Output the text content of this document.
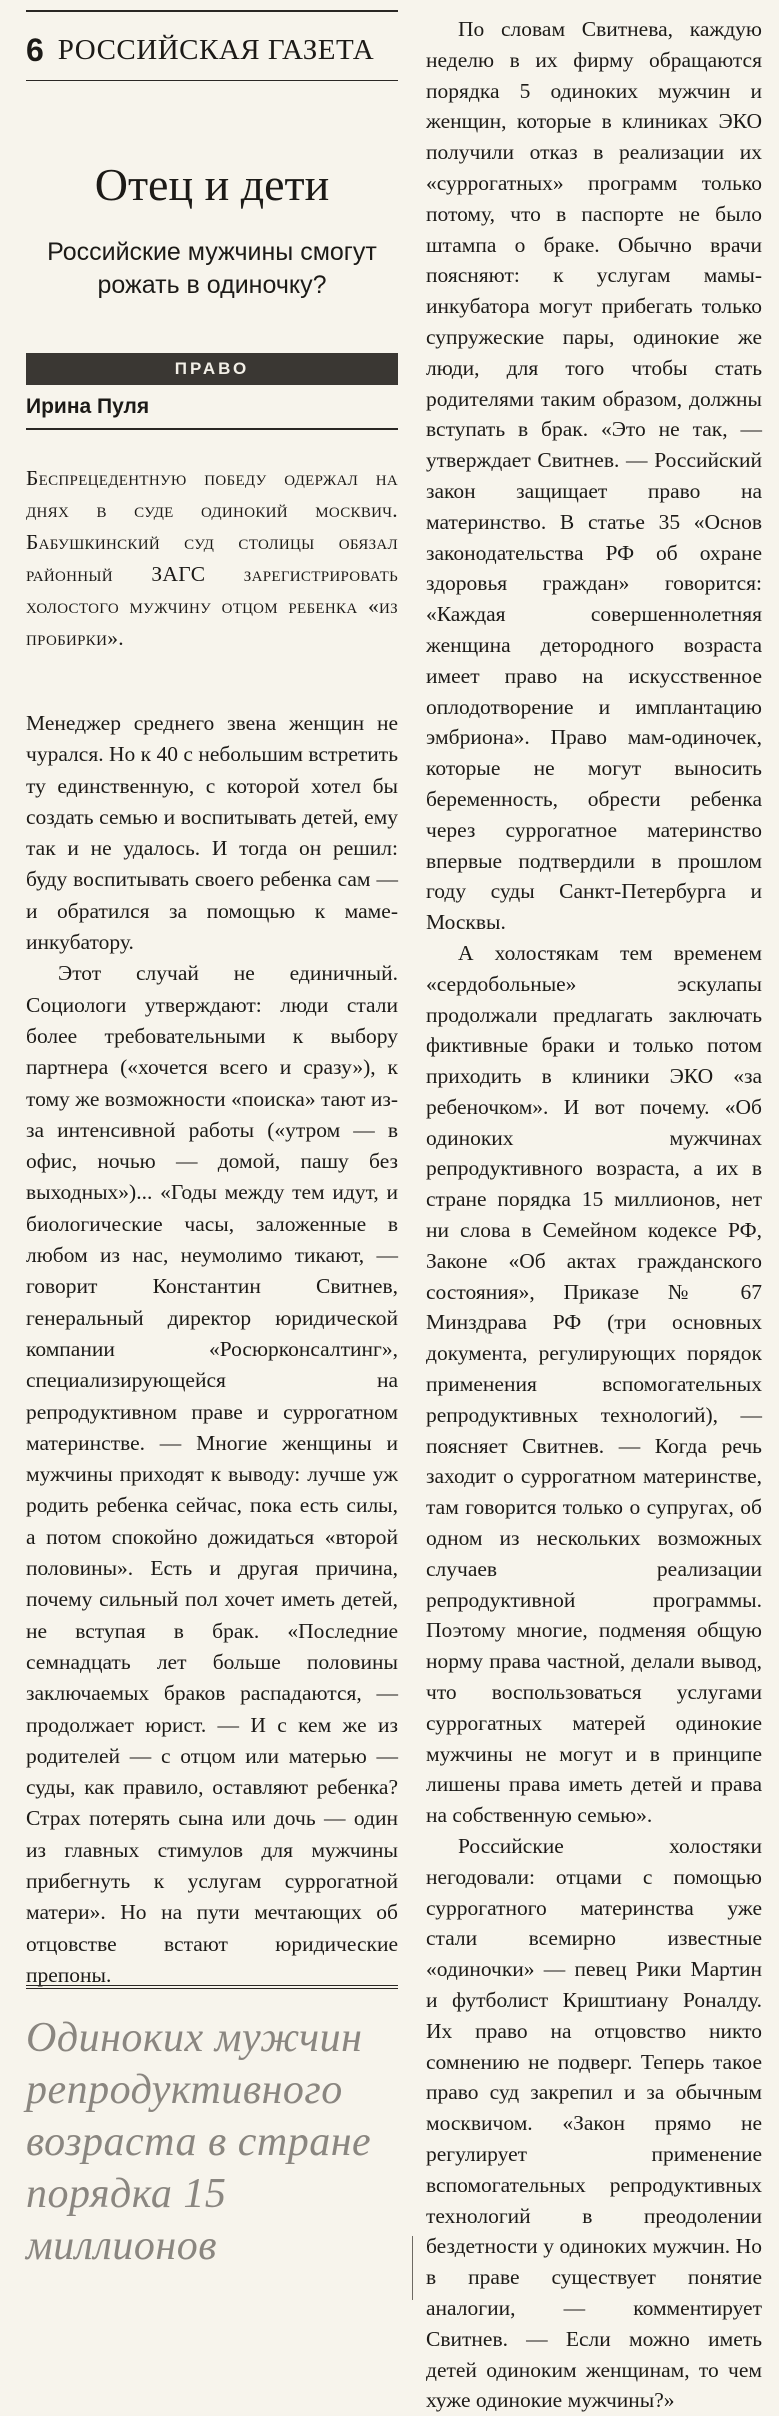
6 РОССИЙСКАЯ ГАЗЕТА
Отец и дети
Российские мужчины смогут рожать в одиночку?
ПРАВО
Ирина Пуля
Беспрецедентную победу одержал на днях в суде одинокий москвич. Бабушкинский суд столицы обязал районный ЗАГС зарегистрировать холостого мужчину отцом ребенка «из пробирки».

Менеджер среднего звена женщин не чурался. Но к 40 с небольшим встретить ту единственную, с которой хотел бы создать семью и воспитывать детей, ему так и не удалось. И тогда он решил: буду воспитывать своего ребенка сам — и обратился за помощью к маме-инкубатору.

Этот случай не единичный. Социологи утверждают: люди стали более требовательными к выбору партнера («хочется всего и сразу»), к тому же возможности «поиска» тают из-за интенсивной работы («утром — в офис, ночью — домой, пашу без выходных»)... «Годы между тем идут, и биологические часы, заложенные в любом из нас, неумолимо тикают, — говорит Константин Свитнев, генеральный директор юридической компании «Росюрконсалтинг», специализирующейся на репродуктивном праве и суррогатном материнстве. — Многие женщины и мужчины приходят к выводу: лучше уж родить ребенка сейчас, пока есть силы, а потом спокойно дожидаться «второй половины». Есть и другая причина, почему сильный пол хочет иметь детей, не вступая в брак. «Последние семнадцать лет больше половины заключаемых браков распадаются, — продолжает юрист. — И с кем же из родителей — с отцом или матерью — суды, как правило, оставляют ребенка? Страх потерять сына или дочь — один из главных стимулов для мужчины прибегнуть к услугам суррогатной матери». Но на пути мечтающих об отцовстве встают юридические препоны.

Одиноких мужчин репродуктивного возраста в стране порядка 15 миллионов

По словам Свитнева, каждую неделю в их фирму обращаются порядка 5 одиноких мужчин и женщин, которые в клиниках ЭКО получили отказ в реализации их «суррогатных» программ только потому, что в паспорте не было штампа о браке. Обычно врачи поясняют: к услугам мамы-инкубатора могут прибегать только супружеские пары, одинокие же люди, для того чтобы стать родителями таким образом, должны вступать в брак. «Это не так, — утверждает Свитнев. — Российский закон защищает право на материнство. В статье 35 «Основ законодательства РФ об охране здоровья граждан» говорится: «Каждая совершеннолетняя женщина детородного возраста имеет право на искусственное оплодотворение и имплантацию эмбриона». Право мам-одиночек, которые не могут выносить беременность, обрести ребенка через суррогатное материнство впервые подтвердили в прошлом году суды Санкт-Петербурга и Москвы.

А холостякам тем временем «сердобольные» эскулапы продолжали предлагать заключать фиктивные браки и только потом приходить в клиники ЭКО «за ребеночком». И вот почему. «Об одиноких мужчинах репродуктивного возраста, а их в стране порядка 15 миллионов, нет ни слова в Семейном кодексе РФ, Законе «Об актах гражданского состояния», Приказе № 67 Минздрава РФ (три основных документа, регулирующих порядок применения вспомогательных репродуктивных технологий), — поясняет Свитнев. — Когда речь заходит о суррогатном материнстве, там говорится только о супругах, об одном из нескольких возможных случаев реализации репродуктивной программы. Поэтому многие, подменяя общую норму права частной, делали вывод, что воспользоваться услугами суррогатных матерей одинокие мужчины не могут и в принципе лишены права иметь детей и права на собственную семью».

Российские холостяки негодовали: отцами с помощью суррогатного материнства уже стали всемирно известные «одиночки» — певец Рики Мартин и футболист Криштиану Роналду. Их право на отцовство никто сомнению не подверг. Теперь такое право суд закрепил и за обычным москвичом. «Закон прямо не регулирует применение вспомогательных репродуктивных технологий в преодолении бездетности у одиноких мужчин. Но в праве существует понятие аналогии, — комментирует Свитнев. — Если можно иметь детей одиноким женщинам, то чем хуже одинокие мужчины?»
